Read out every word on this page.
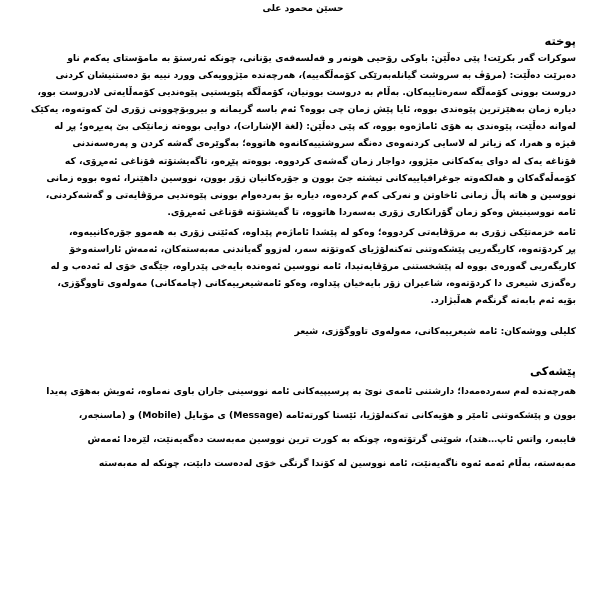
حسێن محمود علی
پوختە

سوکرات گەر بکرێت‌! پێی دەڵێن‌: باوکی رۆحیی هونەر و فەلسەفەی یۆنانی، چونکە ئەرستۆ بە مامۆستای یەکەم ناو

دەبرێت دەڵێت‌: (مرۆڤ بە سروشت گیانلەبەرێکی کۆمەڵگەییە)، هەرچەندە مێژوویەکی وورد نییە بۆ دەستنیشان کردنی

دروست بوونی کۆمەڵگە سەرەتاییەکان. بەڵام بە دروست بوونیان، کۆمەڵگە پێویستیی پێوەندیی کۆمەڵایەتی لادروست بوو،

دیارە زمان بەهێزترین پێوەندی بووە، ئایا پێش زمان چی بووە؟ ئەم باسە گریمانە و بیروبۆچوونی زۆری لێ کەوتەوە، یەکێک

لەوانە دەڵێت‌، پێوەندی بە هۆی ئاماژەوە بووە، کە پێی دەڵێن‌: (لغة الإشارات)، دوایی بووەتە زمانێکی بێ پەیڕەو؛ پڕ لە

قیژە و هەرا، کە زیاتر لە لاسایی کردنەوەی دەنگە سروشتییەکانەوە هاتووە؛ بەگوێرەی گەشە کردن و پەرەسەندنی

قۆناغە یەک لە دوای یەکەکانی مێژوو، دواجار زمان گەشەی کردووە. بووەتە پێڕەو، تاگەیشتۆتە قۆناغی ئەمڕۆی، کە

کۆمەڵەگەکان و هەلکەوتە جوغرافیاییەکانی تیشتە جێ بوون و جۆرەکانیان زۆر بوون، نووسین داهێنرا، ئەوە بووە زمانی

نووسین و هاتە پاڵ زمانی ئاخاوتن و نەرکی کەم کردەوە، دیارە بۆ بەردەوام بوونی پێوەندیی مرۆڤایەتی و گەشەکردنی،

ئامە نووسینیش وەکو زمان گۆرانکاری زۆری بەسەردا هاتووە، تا گەیشتۆتە قۆناغی ئەمڕۆی.

ئامە خزمەتێکی زۆری بە مرۆڤایەتی کردووە؛ وەکو لە پێشدا ئاماژەم پێداوە، کەئێنی زۆری بە هەموو جۆرەکانییەوە،

پڕ کردۆتەوە، کاریگەریی پێشکەوتنی تەکنەلۆژیای کەوتۆتە سەر، لەزوو گەیاندنی مەبەستەکان، ئەمەش ئاراستەوخۆ

کاریگەریی گەورەی بووە لە پێشخستنی مرۆڤایەتیدا، ئامە نووسین ئەوەندە بایەخی پێدراوە، جێگەی خۆی لە ئەدەب و لە

رەگەزی شیعری دا کردۆتەوە، شاعیران زۆر بایەخیان پێداوە، وەکو ئامەشیعرییەکانی (چامەکانی) مەولەوی تاووگۆزی،

بۆیە ئەم بابەتە گرنگەم هەڵبژارد.

کلیلی ووشەکان‌: ئامە شیعرییەکانی، مەولەوی تاووگۆزی، شیعر
پێشەکی

هەرچەندە لەم سەردەمەدا؛ دارشتنی ئامەی نوێ بە پرسیپیەکانی ئامە نووسینی جاران باوی نەماوە، ئەویش بەهۆی پەیدا

بوون و پێشکەوتنی ئامێر و هۆیەکانی تەکنەلۆژیا، ئێستا کورتەئامە (Message) ی مۆبایل (Mobile) و (ماسنجەر،

فایبەر، واتس ئاپ…هتد)، شوێنی گرتۆتەوە، چونکە بە کورت ترین نووسین مەبەست دەگەیەنێت، لێرەدا ئەمەش

مەبەستە، بەڵام ئەمە ئەوە ناگەیەنێت، ئامە نووسین لە کۆندا گرنگی خۆی لەدەست دابێت، چونکە لە مەبەستە
